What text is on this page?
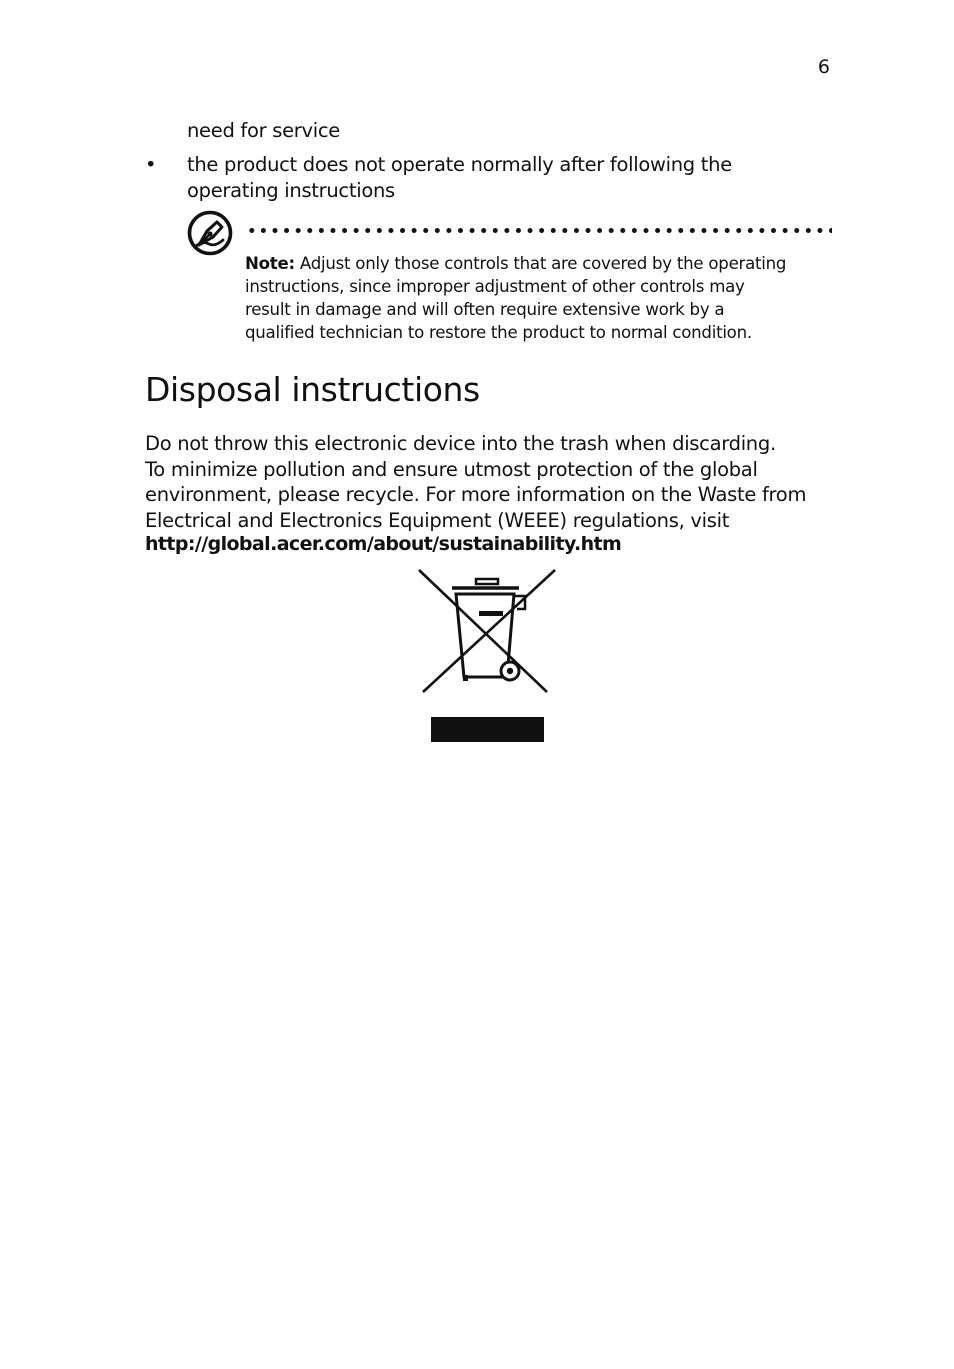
6
need for service
• the product does not operate normally after following the
operating instructions
Note: Adjust only those controls that are covered by the operating
instructions, since improper adjustment of other controls may
result in damage and will often require extensive work by a
qualified technician to restore the product to normal condition.
Disposal instructions
Do not throw this electronic device into the trash when discarding.
To minimize pollution and ensure utmost protection of the global
environment, please recycle. For more information on the Waste from
Electrical and Electronics Equipment (WEEE) regulations, visit
http://global.acer.com/about/sustainability.htm
